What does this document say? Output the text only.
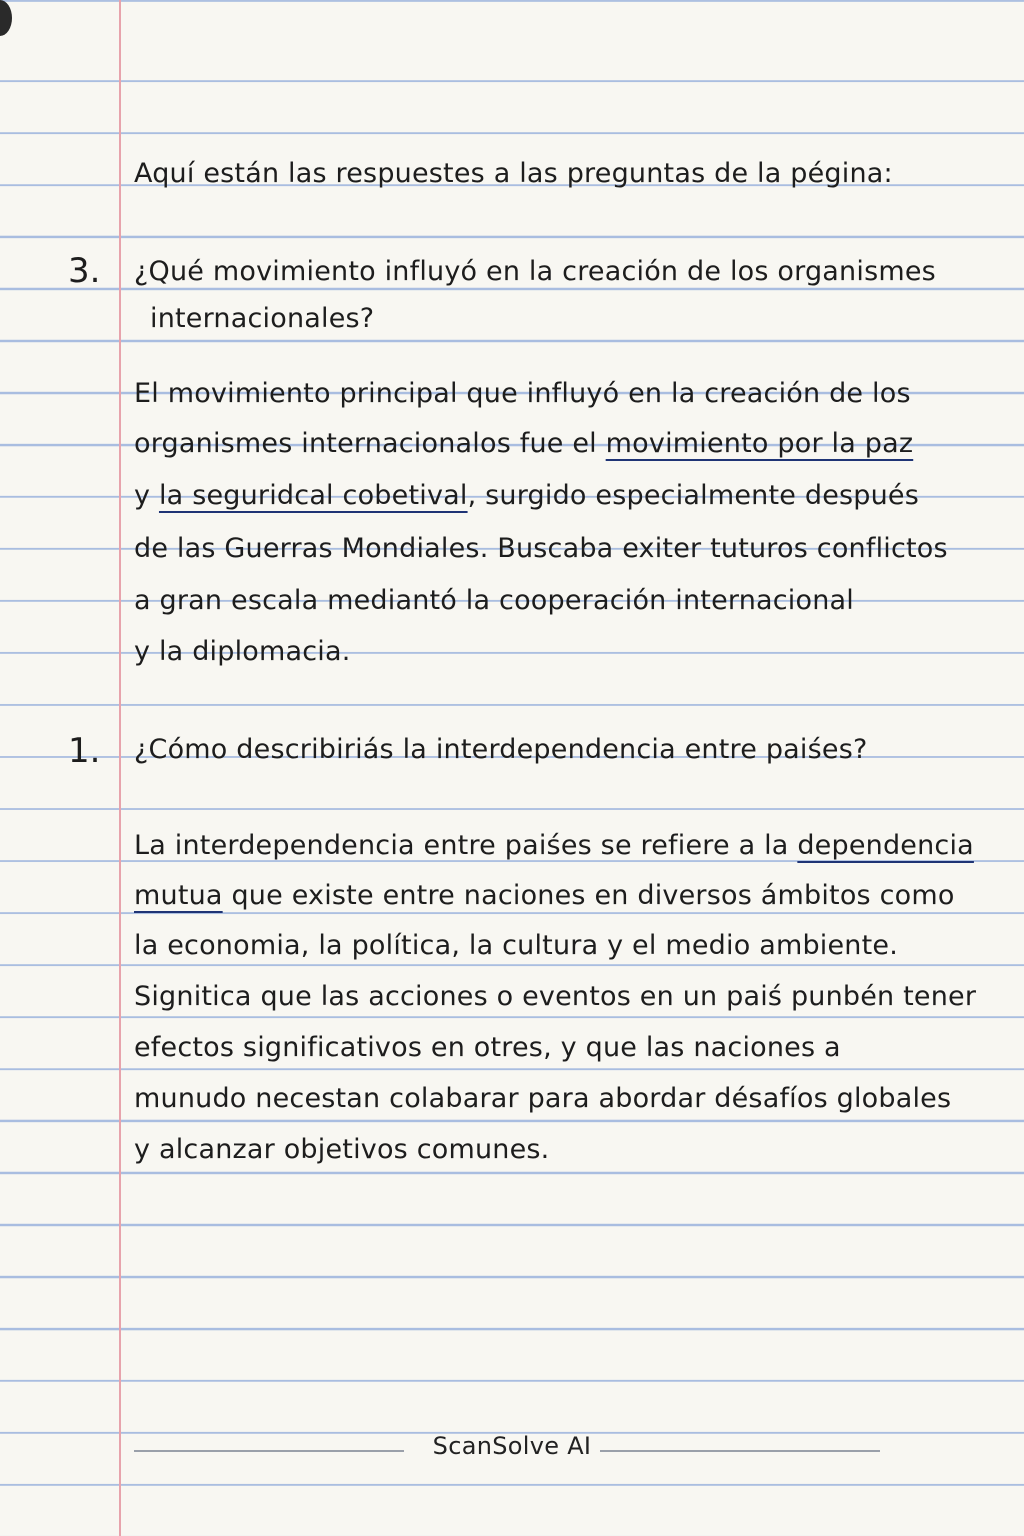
Aquí están las respuestes a las preguntas de la pégina:

3. ¿Qué movimiento influyó en la creación de los organismes

internacionales?

El movimiento principal que influyó en la creación de los

organismes internacionalos fue el movimiento por la paz

y la seguridcal cobetival, surgido especialmente después

de las Guerras Mondiales. Buscaba exiter tuturos conflictos

a gran escala mediantó la cooperación internacional

y la diplomacia.

1. ¿Cómo describiriás la interdependencia entre paiśes?

La interdependencia entre paiśes se refiere a la dependencia

mutua que existe entre naciones en diversos ámbitos como

la economia, la política, la cultura y el medio ambiente.

Signitica que las acciones o eventos en un paiś punbén tener

efectos significativos en otres, y que las naciones a

munudo necestan colabarar para abordar désafíos globales

y alcanzar objetivos comunes.

ScanSolve AI
